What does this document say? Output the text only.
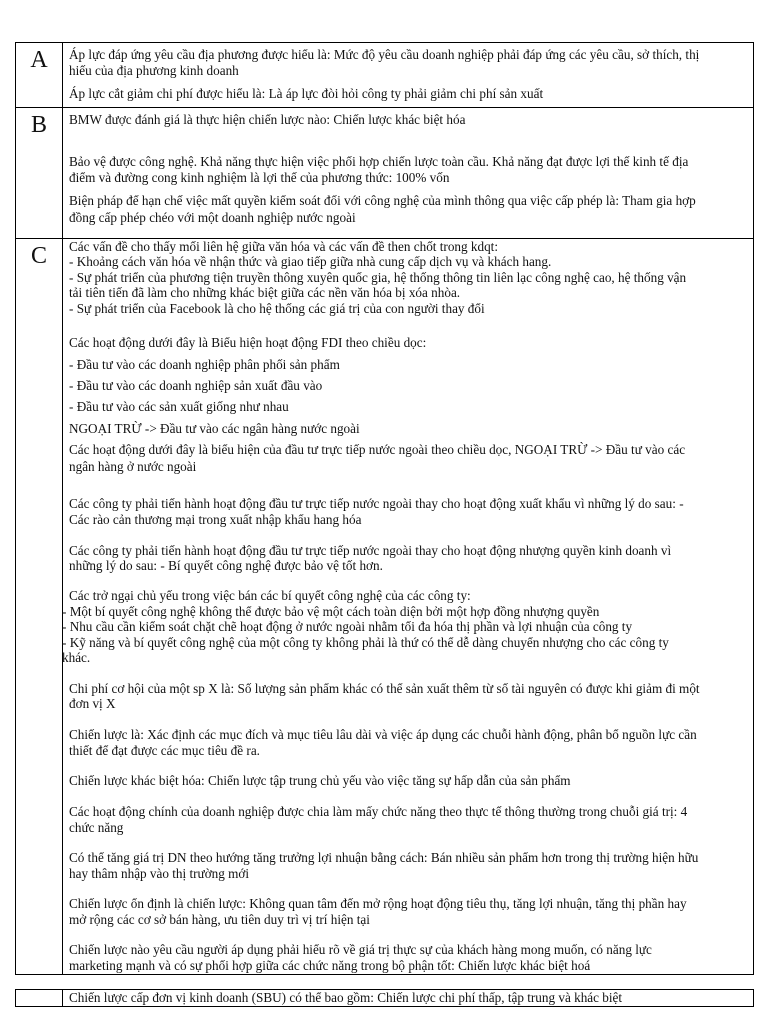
A
B
C
Áp lực đáp ứng yêu cầu địa phương được hiểu là: Mức độ yêu cầu doanh nghiệp phải đáp ứng các yêu cầu, sở thích, thị
hiếu của địa phương kinh doanh
Áp lực cắt giảm chi phí được hiểu là: Là áp lực đòi hỏi công ty phải giảm chi phí sản xuất
BMW được đánh giá là thực hiện chiến lược nào: Chiến lược khác biệt hóa
Bảo vệ được công nghệ. Khả năng thực hiện việc phối hợp chiến lược toàn cầu. Khả năng đạt được lợi thế kinh tế địa
điểm và đường cong kinh nghiệm là lợi thế của phương thức: 100% vốn
Biện pháp để hạn chế việc mất quyền kiểm soát đối với công nghệ của mình thông qua việc cấp phép là: Tham gia hợp
đồng cấp phép chéo với một doanh nghiệp nước ngoài
Các vấn đề cho thấy mối liên hệ giữa văn hóa và các vấn đề then chốt trong kdqt:
- Khoảng cách văn hóa về nhận thức và giao tiếp giữa nhà cung cấp dịch vụ và khách hang.
- Sự phát triển của phương tiện truyền thông xuyên quốc gia, hệ thống thông tin liên lạc công nghệ cao, hệ thống vận
tải tiên tiến đã làm cho những khác biệt giữa các nền văn hóa bị xóa nhòa.
- Sự phát triển của Facebook là cho hệ thống các giá trị của con người thay đổi
Các hoạt động dưới đây là Biểu hiện hoạt động FDI theo chiều dọc:
- Đầu tư vào các doanh nghiệp phân phối sản phẩm
- Đầu tư vào các doanh nghiệp sản xuất đầu vào
- Đầu tư vào các sản xuất giống như nhau
NGOẠI TRỪ -> Đầu tư vào các ngân hàng nước ngoài
Các hoạt động dưới đây là biểu hiện của đầu tư trực tiếp nước ngoài theo chiều dọc, NGOẠI TRỪ -> Đầu tư vào các
ngân hàng ở nước ngoài
Các công ty phải tiến hành hoạt động đầu tư trực tiếp nước ngoài thay cho hoạt động xuất khẩu vì những lý do sau: -
Các rào cản thương mại trong xuất nhập khẩu hang hóa
Các công ty phải tiến hành hoạt động đầu tư trực tiếp nước ngoài thay cho hoạt động nhượng quyền kinh doanh vì
những lý do sau: - Bí quyết công nghệ được bảo vệ tốt hơn.
Các trở ngại chủ yếu trong việc bán các bí quyết công nghệ của các công ty:
- Một bí quyết công nghệ không thể được bảo vệ một cách toàn diện bởi một hợp đồng nhượng quyền
- Nhu cầu cần kiểm soát chặt chẽ hoạt động ở nước ngoài nhằm tối đa hóa thị phần và lợi nhuận của công ty
- Kỹ năng và bí quyết công nghệ của một công ty không phải là thứ có thể dễ dàng chuyển nhượng cho các công ty
khác.
Chi phí cơ hội của một sp X là: Số lượng sản phẩm khác có thể sản xuất thêm từ số tài nguyên có được khi giảm đi một
đơn vị X
Chiến lược là: Xác định các mục đích và mục tiêu lâu dài và việc áp dụng các chuỗi hành động, phân bổ nguồn lực cần
thiết để đạt được các mục tiêu đề ra.
Chiến lược khác biệt hóa: Chiến lược tập trung chủ yếu vào việc tăng sự hấp dẫn của sản phẩm
Các hoạt động chính của doanh nghiệp được chia làm mấy chức năng theo thực tế thông thường trong chuỗi giá trị: 4
chức năng
Có thể tăng giá trị DN theo hướng tăng trưởng lợi nhuận bằng cách: Bán nhiều sản phẩm hơn trong thị trường hiện hữu
hay thâm nhập vào thị trường mới
Chiến lược ổn định là chiến lược: Không quan tâm đến mở rộng hoạt động tiêu thụ, tăng lợi nhuận, tăng thị phần hay
mở rộng các cơ sở bán hàng, ưu tiên duy trì vị trí hiện tại
Chiến lược nào yêu cầu người áp dụng phải hiểu rõ về giá trị thực sự của khách hàng mong muốn, có năng lực
marketing mạnh và có sự phối hợp giữa các chức năng trong bộ phận tốt: Chiến lược khác biệt hoá
Chiến lược cấp đơn vị kinh doanh (SBU) có thể bao gồm: Chiến lược chi phí thấp, tập trung và khác biệt
